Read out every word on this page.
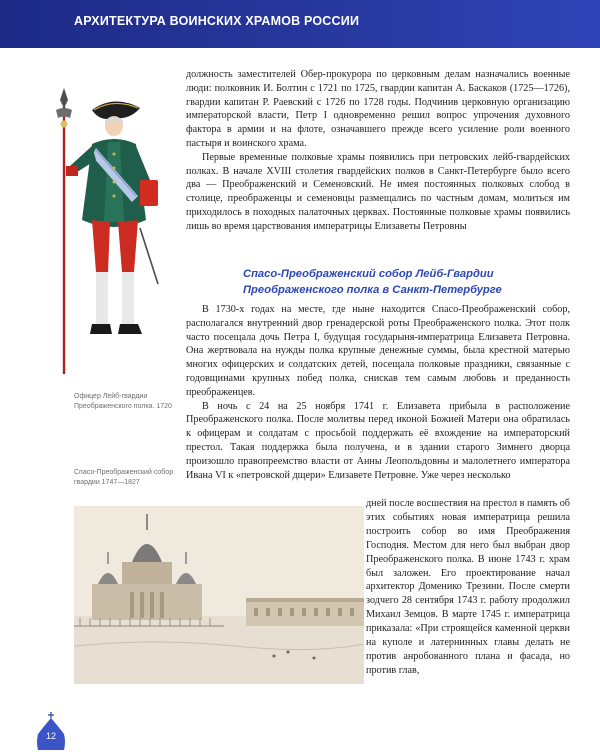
АРХИТЕКТУРА ВОИНСКИХ ХРАМОВ РОССИИ
Офицер Лейб-гвардии
Преображенского полка. 1720
Спасо-Преображенский собор
гвардии 1747—1827

должность заместителей Обер-прокурора по церковным делам назначались военные люди: полковник И. Болтин с 1721 по 1725, гвардии капитан А. Баскаков (1725—1726), гвардии капитан Р. Раевский с 1726 по 1728 годы. Подчинив церковную организацию императорской власти, Петр I одновременно решил вопрос упрочения духовного фактора в армии и на флоте, означавшего прежде всего усиление роли военного пастыря и воинского храма.

Первые временные полковые храмы появились при петровских лейб-гвардейских полках. В начале XVIII столетия гвардейских полков в Санкт-Петербурге было всего два — Преображенский и Семеновский. Не имея постоянных полковых слобод в столице, преображенцы и семеновцы размещались по частным домам, молиться им приходилось в походных палаточных церквах. Постоянные полковые храмы появились лишь во время царствования императрицы Елизаветы Петровны

Спасо-Преображенский собор Лейб-Гвардии
Преображенского полка в Санкт-Петербурге

В 1730-х годах на месте, где ныне находится Спасо-Преображенский собор, располагался внутренний двор гренадерской роты Преображенского полка. Этот полк часто посещала дочь Петра I, будущая государыня-императрица Елизавета Петровна. Она жертвовала на нужды полка крупные денежные суммы, была крестной матерью многих офицерских и солдатских детей, посещала полковые праздники, связанные с годовщинами крупных побед полка, снискав тем самым любовь и преданность преображенцев.

В ночь с 24 на 25 ноября 1741 г. Елизавета прибыла в расположение Преображенского полка. После молитвы перед иконой Божией Матери она обратилась к офицерам и солдатам с просьбой поддержать её вхождение на императорский престол. Такая поддержка была получена, и в здании старого Зимнего дворца произошло правопреемство власти от Анны Леопольдовны и малолетнего императора Ивана VI к «петровской дщери» Елизавете Петровне. Уже через несколько

дней после восшествия на престол в память об этих событиях новая императрица решила построить собор во имя Преображения Господня. Местом для него был выбран двор Преображенского полка. В июне 1743 г. храм был заложен. Его проектирование начал архитектор Доменико Трезини. После смерти зодчего 28 сентября 1743 г. работу продолжил Михаил Земцов. В марте 1745 г. императрица приказала: «При строящейся каменной церкви на куполе и латернинных главы делать не против анробованного плана и фасада, но против глав,

12
